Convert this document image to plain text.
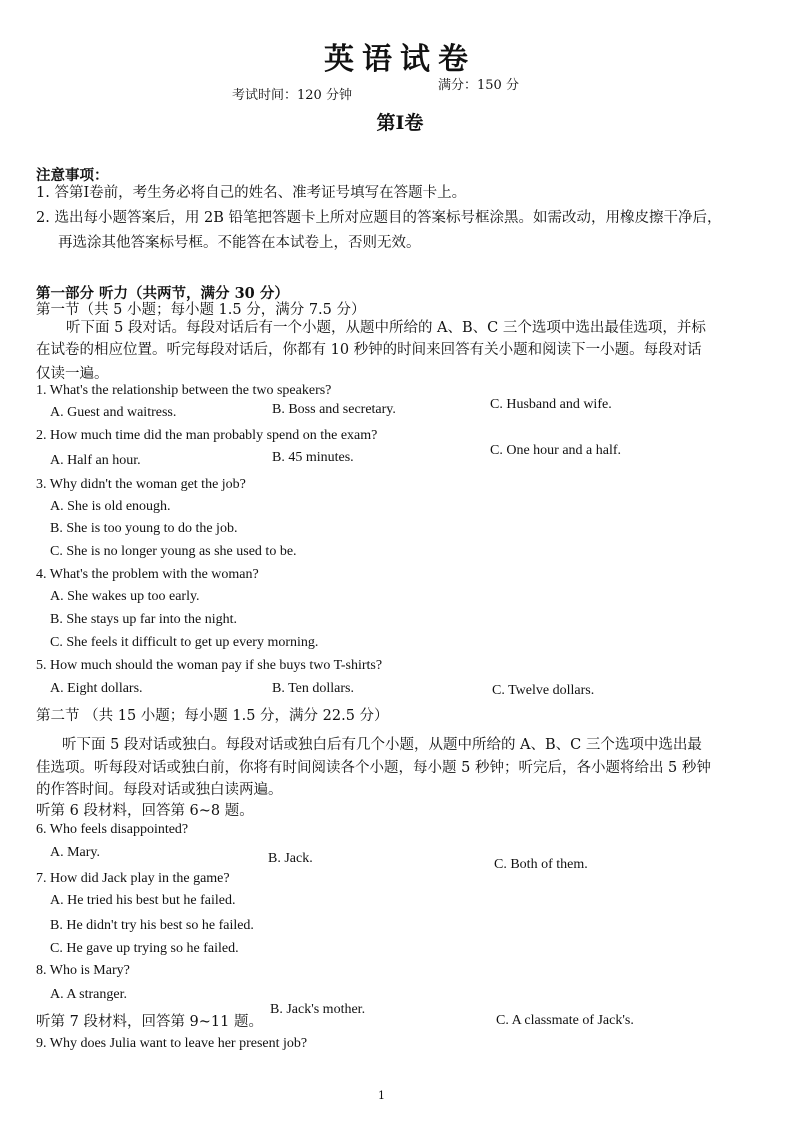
英语试卷
考试时间：120 分钟
满分：150 分
第Ⅰ卷
注意事项：
1. 答第Ⅰ卷前，考生务必将自己的姓名、准考证号填写在答题卡上。
2. 选出每小题答案后，用 2B 铅笔把答题卡上所对应题目的答案标号框涂黑。如需改动，用橡皮擦干净后，
再选涂其他答案标号框。不能答在本试卷上，否则无效。
第一部分 听力（共两节，满分 30 分）
第一节（共 5 小题；每小题 1.5 分，满分 7.5 分）
听下面 5 段对话。每段对话后有一个小题，从题中所给的 A、B、C 三个选项中选出最佳选项，并标
在试卷的相应位置。听完每段对话后，你都有 10 秒钟的时间来回答有关小题和阅读下一小题。每段对话
仅读一遍。
1. What's the relationship between the two speakers?
A. Guest and waitress.	B. Boss and secretary.	C. Husband and wife.
2. How much time did the man probably spend on the exam?
A. Half an hour.	B. 45 minutes.	C. One hour and a half.
3. Why didn't the woman get the job?
A. She is old enough.
B. She is too young to do the job.
C. She is no longer young as she used to be.
4. What's the problem with the woman?
A. She wakes up too early.
B. She stays up far into the night.
C. She feels it difficult to get up every morning.
5. How much should the woman pay if she buys two T-shirts?
A. Eight dollars.	B. Ten dollars.	C. Twelve dollars.
第二节 （共 15 小题；每小题 1.5 分，满分 22.5 分）
听下面 5 段对话或独白。每段对话或独白后有几个小题，从题中所给的 A、B、C 三个选项中选出最
佳选项。听每段对话或独白前，你将有时间阅读各个小题，每小题 5 秒钟；听完后，各小题将给出 5 秒钟
的作答时间。每段对话或独白读两遍。
听第 6 段材料，回答第 6~8 题。
6. Who feels disappointed?
A. Mary.	B. Jack.	C. Both of them.
7. How did Jack play in the game?
A. He tried his best but he failed.
B. He didn't try his best so he failed.
C. He gave up trying so he failed.
8. Who is Mary?
A. A stranger.
B. Jack's mother.
C. A classmate of Jack's.
听第 7 段材料，回答第 9~11 题。
9. Why does Julia want to leave her present job?
1
